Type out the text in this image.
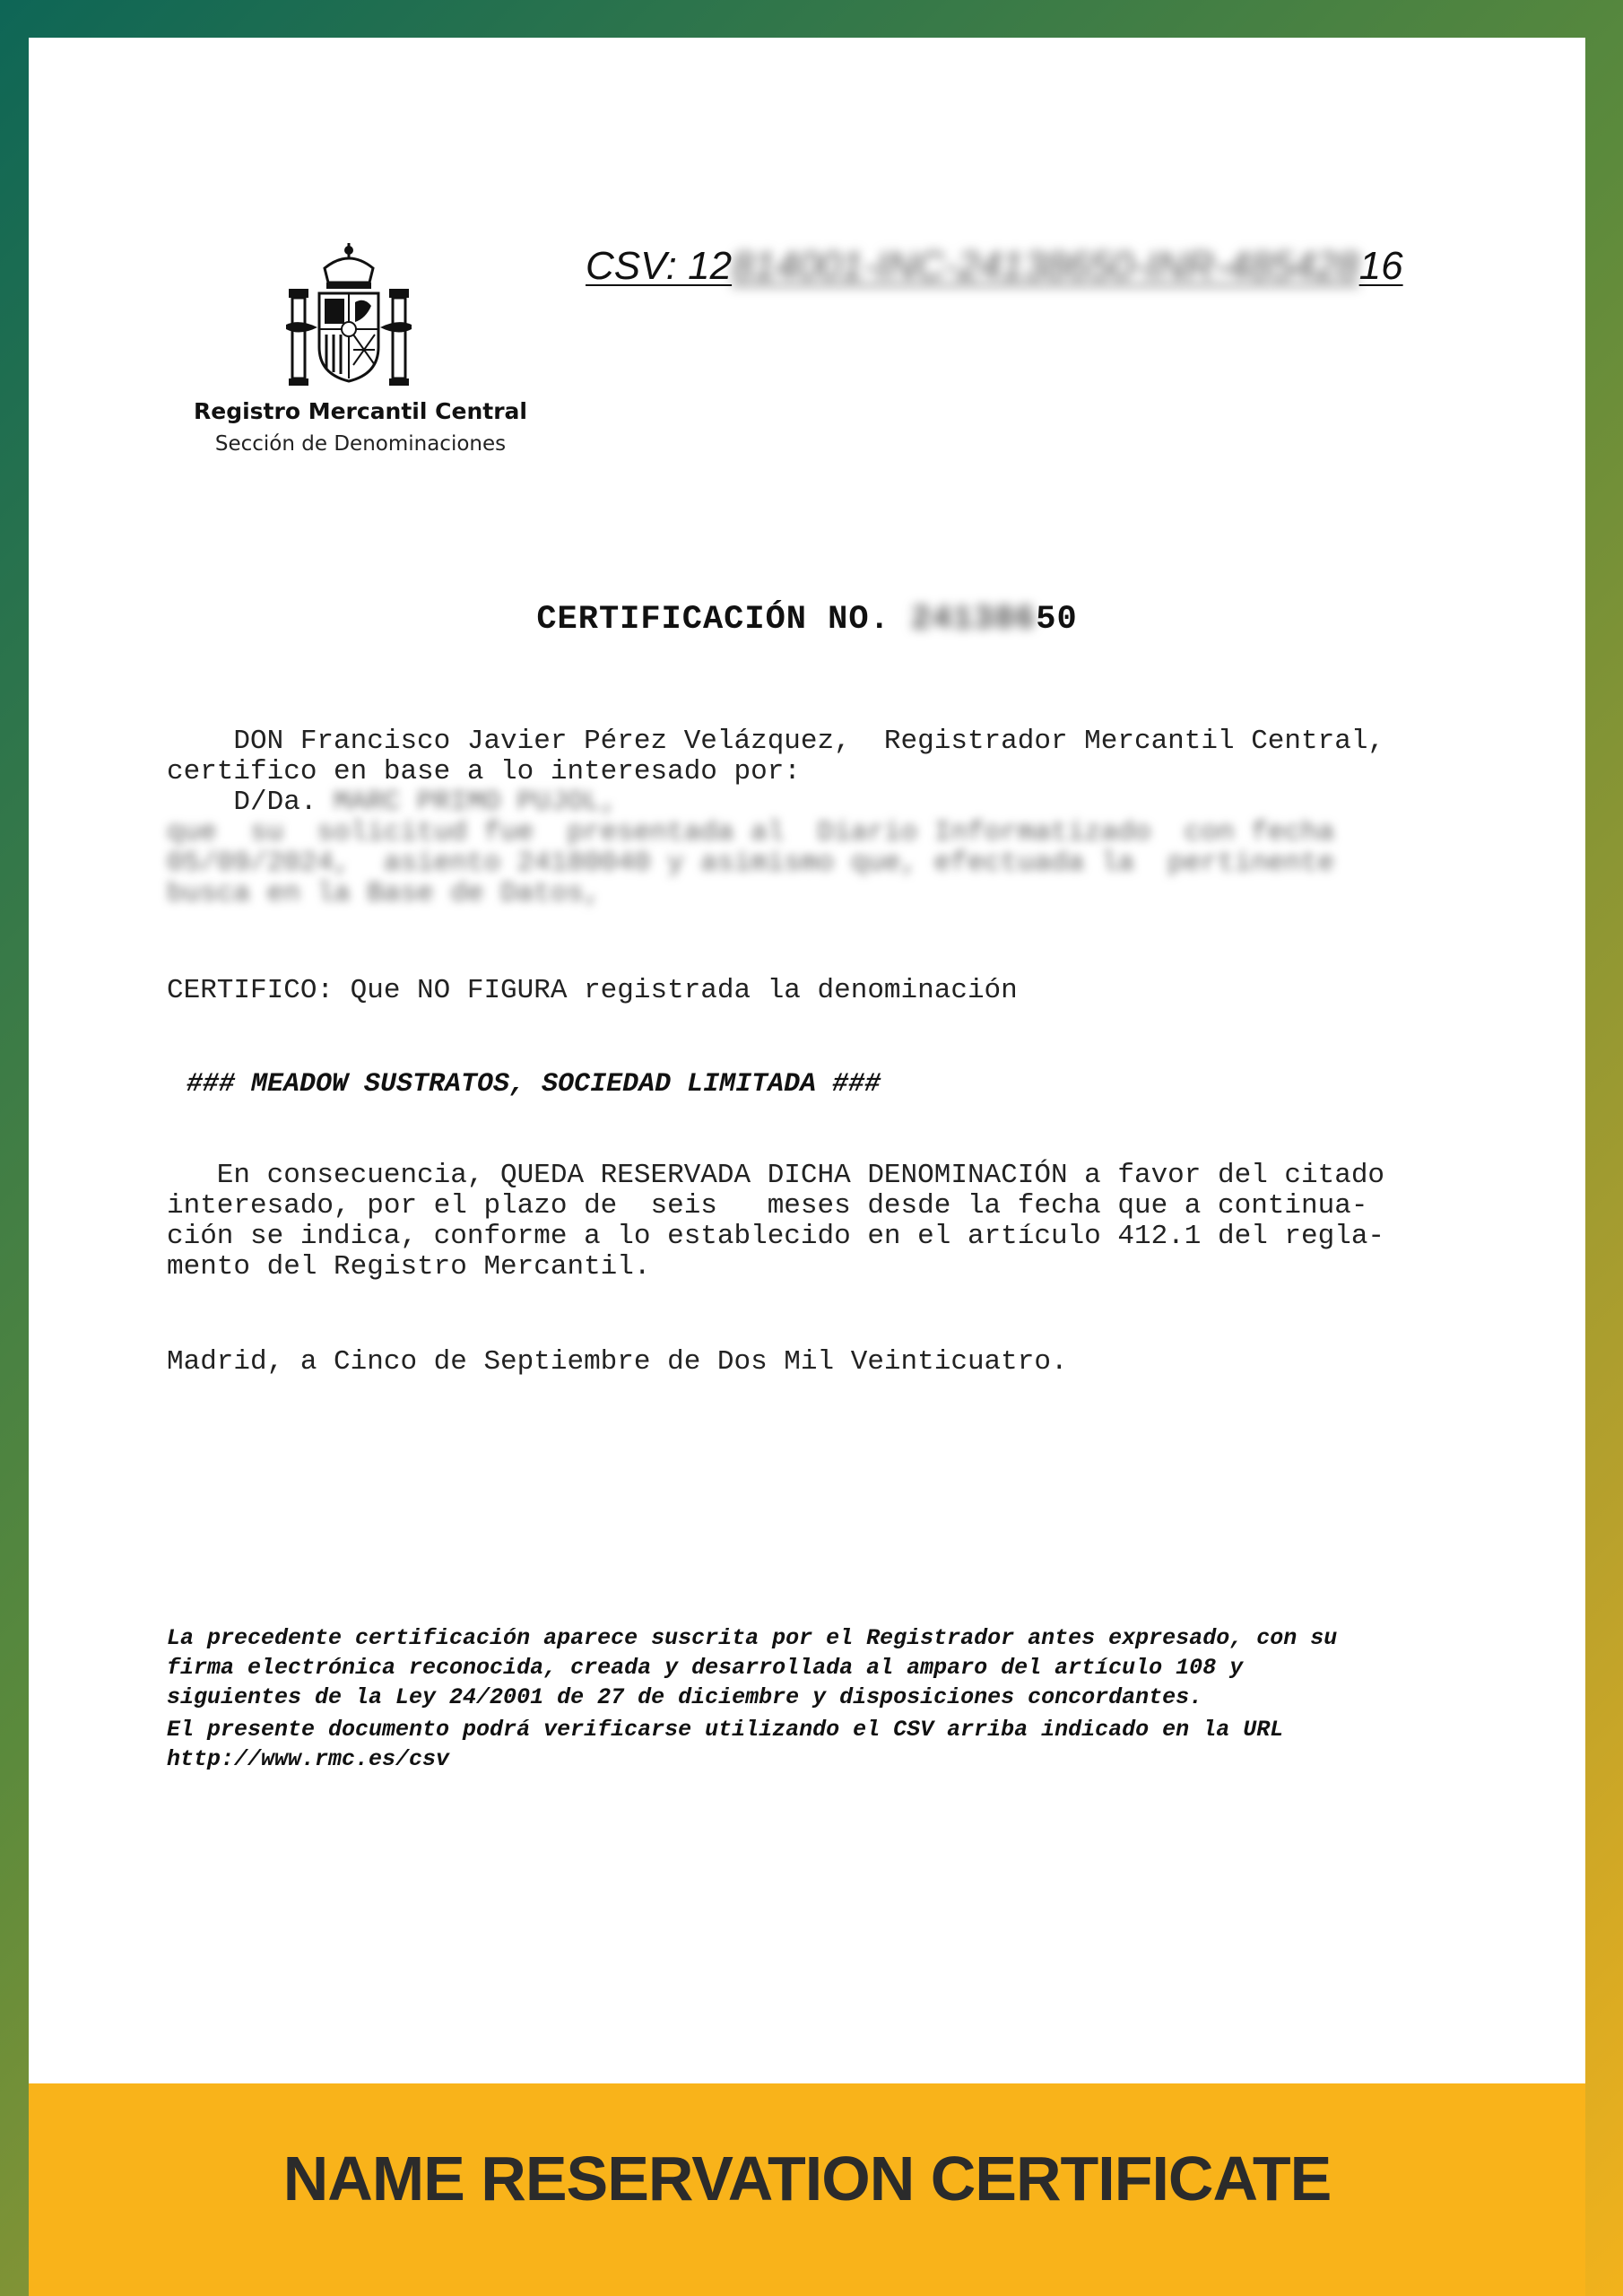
Registro Mercantil Central
Sección de Denominaciones
CSV: 12814001-INC-24138650-INR-48542816
CERTIFICACIÓN NO. 24138650
DON Francisco Javier Pérez Velázquez,  Registrador Mercantil Central,
certifico en base a lo interesado por:
D/Da. MARC PRIMO PUJOL,
que  su  solicitud fue  presentada al  Diario Informatizado  con fecha
05/09/2024,  asiento 24180040 y asimismo que, efectuada la  pertinente
busca en la Base de Datos,
CERTIFICO: Que NO FIGURA registrada la denominación
### MEADOW SUSTRATOS, SOCIEDAD LIMITADA ###
En consecuencia, QUEDA RESERVADA DICHA DENOMINACIÓN a favor del citado
interesado, por el plazo de  seis   meses desde la fecha que a continua-
ción se indica, conforme a lo establecido en el artículo 412.1 del regla-
mento del Registro Mercantil.
Madrid, a Cinco de Septiembre de Dos Mil Veinticuatro.
La precedente certificación aparece suscrita por el Registrador antes expresado, con su
firma electrónica reconocida, creada y desarrollada al amparo del artículo 108 y
siguientes de la Ley 24/2001 de 27 de diciembre y disposiciones concordantes.
El presente documento podrá verificarse utilizando el CSV arriba indicado en la URL
http://www.rmc.es/csv
NAME RESERVATION CERTIFICATE
